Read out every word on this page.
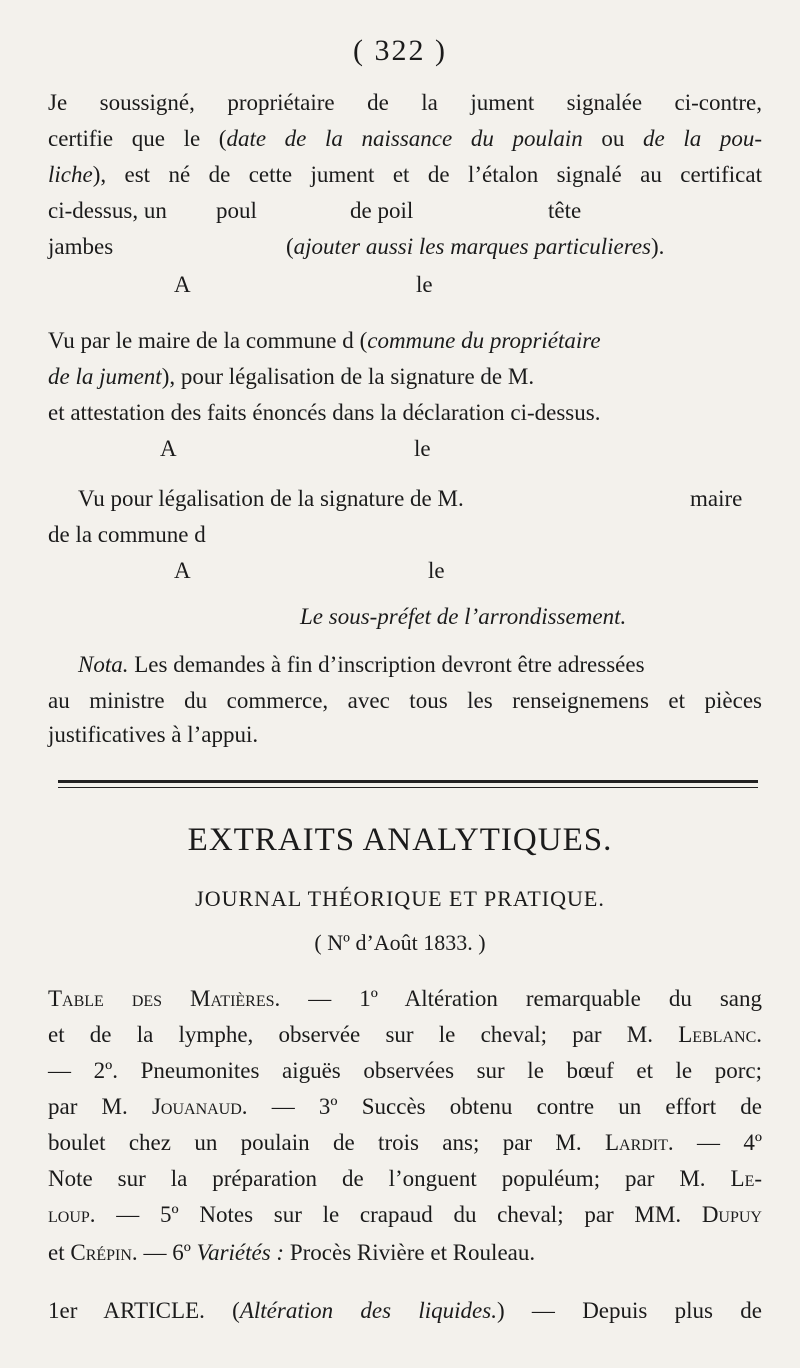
( 322 )
Je soussigné, propriétaire de la jument signalée ci-contre,
certifie que le (date de la naissance du poulain ou de la pou-
liche), est né de cette jument et de l’étalon signalé au certificat
ci-dessus, un poul	de poil	tête
jambes	(ajouter aussi les marques particulieres).
A	le
Vu par le maire de la commune d (commune du propriétaire
de la jument), pour légalisation de la signature de M.
et attestation des faits énoncés dans la déclaration ci-dessus.
A	le
Vu pour légalisation de la signature de M.	maire
de la commune d
A	le
Le sous-préfet de l’arrondissement.
Nota. Les demandes à fin d’inscription devront être adressées
au ministre du commerce, avec tous les renseignemens et pièces
justificatives à l’appui.
EXTRAITS ANALYTIQUES.
JOURNAL THÉORIQUE ET PRATIQUE.
( Nº d’Août 1833. )
Table des Matières. — 1º Altération remarquable du sang
et de la lymphe, observée sur le cheval; par M. Leblanc.
— 2º. Pneumonites aiguës observées sur le bœuf et le porc;
par M. Jouanaud. — 3º Succès obtenu contre un effort de
boulet chez un poulain de trois ans; par M. Lardit. — 4º
Note sur la préparation de l’onguent populéum; par M. Le-
loup. — 5º Notes sur le crapaud du cheval; par MM. Dupuy
et Crépin. — 6º Variétés : Procès Rivière et Rouleau.
1er ARTICLE. (Altération des liquides.) — Depuis plus de
